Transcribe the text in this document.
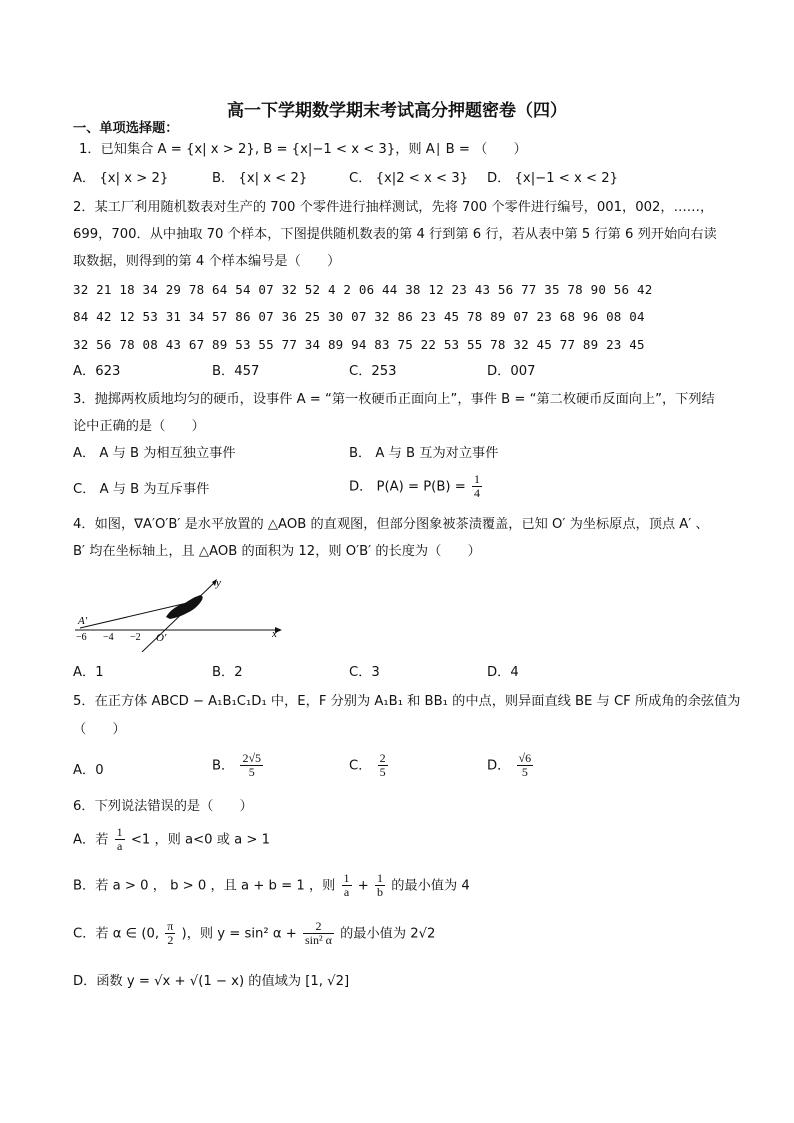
高一下学期数学期末考试高分押题密卷（四）
一、单项选择题：
1．已知集合 A = {x| x > 2}, B = {x|−1 < x < 3}，则 A∣ B = （　　）
A． {x| x > 2}	B． {x| x < 2}	C． {x|2 < x < 3} D． {x|−1 < x < 2}
2．某工厂利用随机数表对生产的 700 个零件进行抽样测试，先将 700 个零件进行编号，001，002，……，
699，700．从中抽取 70 个样本，下图提供随机数表的第 4 行到第 6 行，若从表中第 5 行第 6 列开始向右读
取数据，则得到的第 4 个样本编号是（　　）
32 21 18 34 29 78 64 54 07 32 52 4 2 06 44 38 12 23 43 56 77 35 78 90 56 42
84 42 12 53 31 34 57 86 07 36 25 30 07 32 86 23 45 78 89 07 23 68 96 08 04
32 56 78 08 43 67 89 53 55 77 34 89 94 83 75 22 53 55 78 32 45 77 89 23 45
A．623	B．457	C．253	D．007
3．抛掷两枚质地均匀的硬币，设事件 A = “第一枚硬币正面向上”，事件 B = “第二枚硬币反面向上”，下列结
论中正确的是（　　）
A． A 与 B 为相互独立事件	B． A 与 B 互为对立事件
C． A 与 B 为互斥事件	D． $P(A) = P(B) = \frac{1}{4}$
4．如图，∇A′O′B′ 是水平放置的 △AOB 的直观图，但部分图象被茶渍覆盖，已知 O′ 为坐标原点，顶点 A′ 、
B′ 均在坐标轴上，且 △AOB 的面积为 12，则 O′B′ 的长度为（　　）
y
x
A′
O′
−6 −4 −2
A．1	B．2	C．3	D．4
5．在正方体 ABCD − A₁B₁C₁D₁ 中，E，F 分别为 A₁B₁ 和 BB₁ 的中点，则异面直线 BE 与 CF 所成角的余弦值为
（　　）
A．0	B． $\frac{2√5}{5}$	C． $\frac{2}{5}$	D． $\frac{√6}{5}$
6．下列说法错误的是（　　）
A．若 $\frac{1}{a} <1$ ，则 a<0 或 a > 1
B．若 a > 0 ， b > 0 ，且 a + b = 1 ，则 $\frac{1}{a} + \frac{1}{b}$ 的最小值为 4
C．若 α ∈ (0, $\frac{\pi}{2}$ )，则 y = sin² $\alpha + \frac{2}{\text{sin² α}}$ 的最小值为 2√2
D．函数 y = √x + √(1 − x) 的值域为 [1, √2]
